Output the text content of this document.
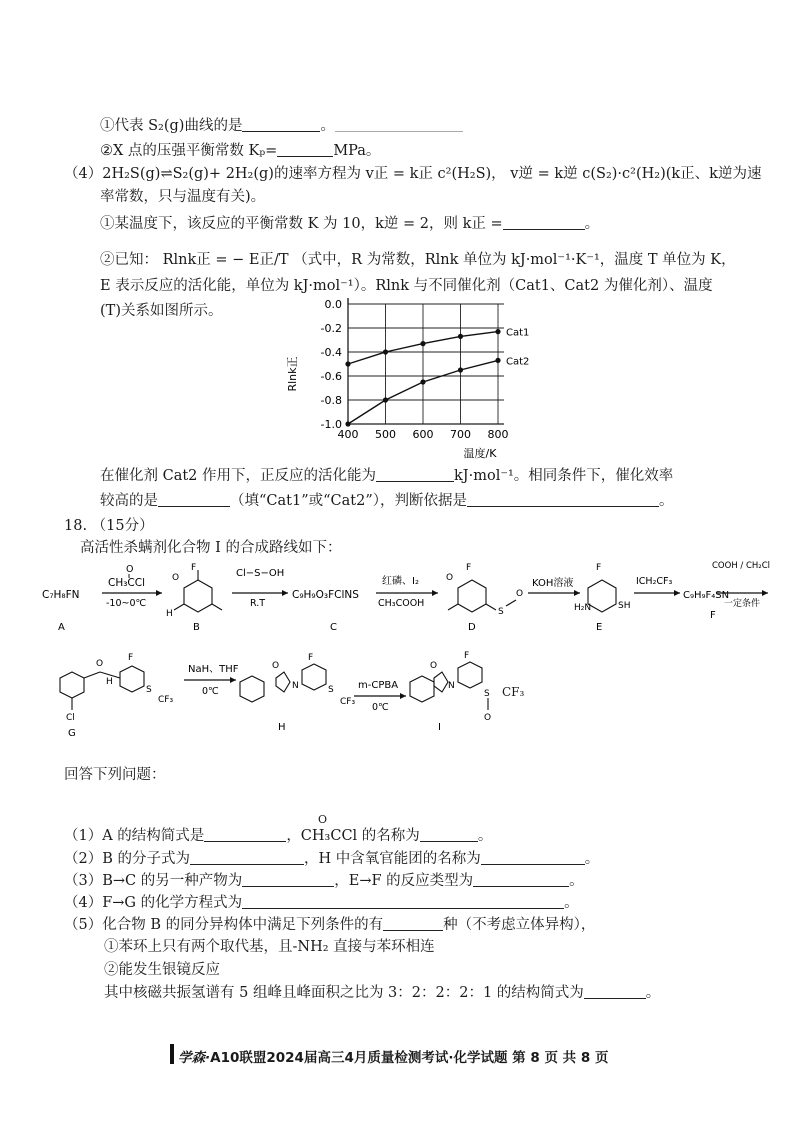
①代表 S₂(g)曲线的是	。
②X 点的压强平衡常数 Kₚ=	MPa。
（4）2H₂S(g)⇌S₂(g)+ 2H₂(g)的速率方程为 v正 = k正 c²(H₂S)， v逆 = k逆 c(S₂)·c²(H₂)(k正、k逆为速
率常数，只与温度有关)。
①某温度下，该反应的平衡常数 K 为 10，k逆 = 2，则 k正 =	。
②已知： Rlnk正 = − E正/T （式中，R 为常数，Rlnk 单位为 kJ·mol⁻¹·K⁻¹，温度 T 单位为 K，
E 表示反应的活化能，单位为 kJ·mol⁻¹）。Rlnk 与不同催化剂（Cat1、Cat2 为催化剂）、温度
(T)关系如图所示。	0.0
-0.2
-0.4
-0.6
-0.8
-1.0
400 500 600 700 800
Cat1
Cat2
Rlnk正
温度/K
在催化剂 Cat2 作用下，正反应的活化能为	kJ·mol⁻¹。相同条件下，催化效率
较高的是	（填“Cat1”或“Cat2”），判断依据是	。
18. （15分）
高活性杀螨剂化合物 I 的合成路线如下：
C₇H₈FN
A
CH₃CCl
O
-10~0℃
F
O
H
B
Cl−S−OH
R.T
C₉H₉O₃FClNS
C
红磷、I₂
CH₃COOH
F
O
S
O
D
KOH溶液
F
H₂N	SH
E
ICH₂CF₃
C₉H₉F₄SN
F
COOH / CH₂Cl
一定条件
O
H
F
S
CF₃
Cl
G
NaH、THF
0℃
O
N
F
S
CF₃
H
m-CPBA
0℃
O
N
F
S
O
I
CF₃
回答下列问题：
O
（1）A 的结构简式是	，CH₃CCl 的名称为	。
（2）B 的分子式为	，H 中含氧官能团的名称为	。
（3）B→C 的另一种产物为	，E→F 的反应类型为	。
（4）F→G 的化学方程式为	。
（5）化合物 B 的同分异构体中满足下列条件的有	种（不考虑立体异构），
①苯环上只有两个取代基，且-NH₂ 直接与苯环相连
②能发生银镜反应
其中核磁共振氢谱有 5 组峰且峰面积之比为 3：2：2：2：1 的结构简式为	。
学森·A10联盟2024届高三4月质量检测考试·化学试题 第 8 页 共 8 页
